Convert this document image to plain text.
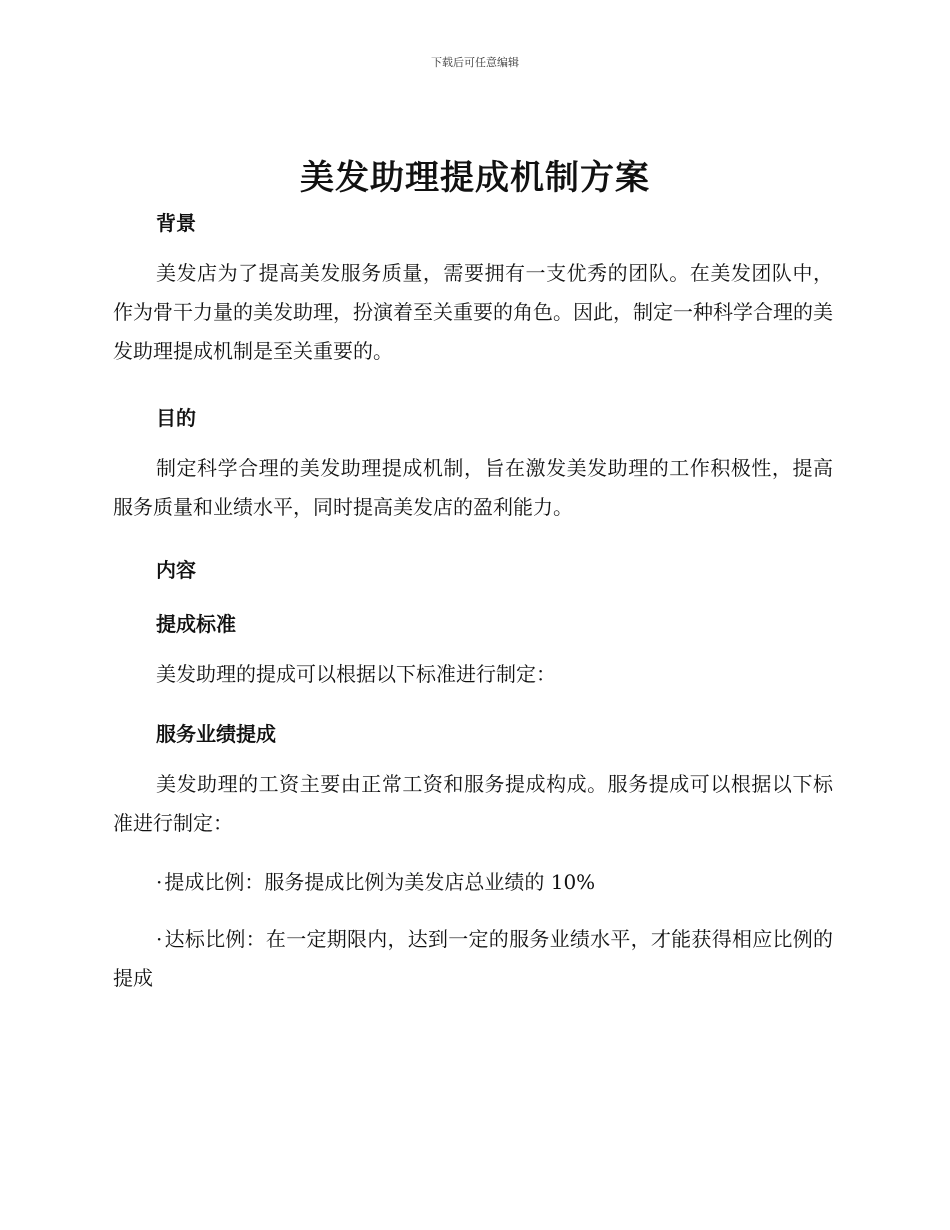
下载后可任意编辑
美发助理提成机制方案
背景

美发店为了提高美发服务质量，需要拥有一支优秀的团队。在美发团队中，作为骨干力量的美发助理，扮演着至关重要的角色。因此，制定一种科学合理的美发助理提成机制是至关重要的。

目的

制定科学合理的美发助理提成机制，旨在激发美发助理的工作积极性，提高服务质量和业绩水平，同时提高美发店的盈利能力。

内容
提成标准

美发助理的提成可以根据以下标准进行制定：

服务业绩提成

美发助理的工资主要由正常工资和服务提成构成。服务提成可以根据以下标准进行制定：

· 提成比例：服务提成比例为美发店总业绩的 10%

· 达标比例：在一定期限内，达到一定的服务业绩水平，才能获得相应比例的提成
